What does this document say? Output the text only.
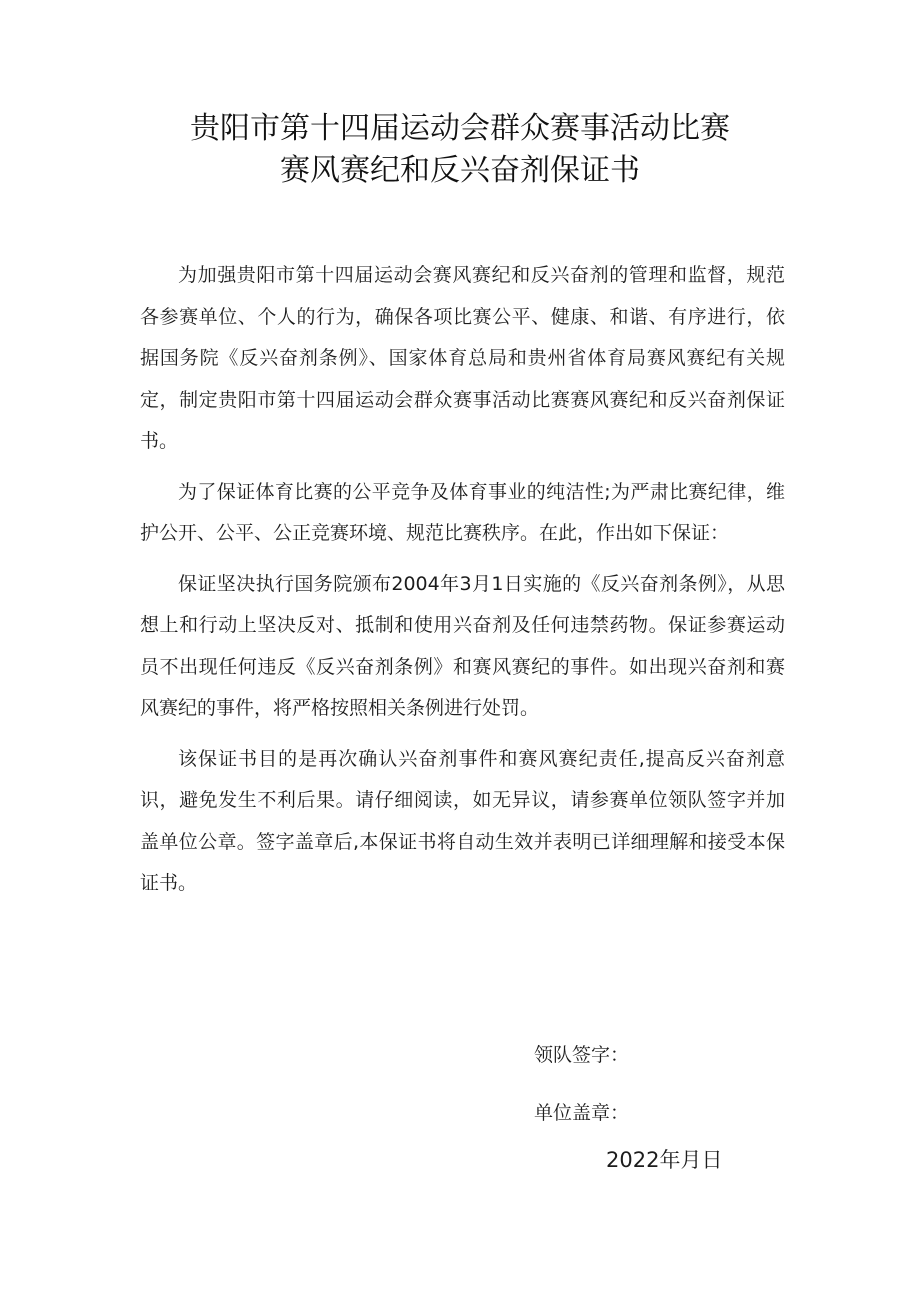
贵阳市第十四届运动会群众赛事活动比赛
赛风赛纪和反兴奋剂保证书

为加强贵阳市第十四届运动会赛风赛纪和反兴奋剂的管理和监督，规范各参赛单位、个人的行为，确保各项比赛公平、健康、和谐、有序进行，依据国务院《反兴奋剂条例》、国家体育总局和贵州省体育局赛风赛纪有关规定，制定贵阳市第十四届运动会群众赛事活动比赛赛风赛纪和反兴奋剂保证书。

为了保证体育比赛的公平竞争及体育事业的纯洁性;为严肃比赛纪律，维护公开、公平、公正竞赛环境、规范比赛秩序。在此，作出如下保证：

保证坚决执行国务院颁布2004年3月1日实施的《反兴奋剂条例》，从思想上和行动上坚决反对、抵制和使用兴奋剂及任何违禁药物。保证参赛运动员不出现任何违反《反兴奋剂条例》和赛风赛纪的事件。如出现兴奋剂和赛风赛纪的事件，将严格按照相关条例进行处罚。

该保证书目的是再次确认兴奋剂事件和赛风赛纪责任,提高反兴奋剂意识，避免发生不利后果。请仔细阅读，如无异议，请参赛单位领队签字并加盖单位公章。签字盖章后,本保证书将自动生效并表明已详细理解和接受本保证书。

领队签字：
单位盖章：
2022年月日
